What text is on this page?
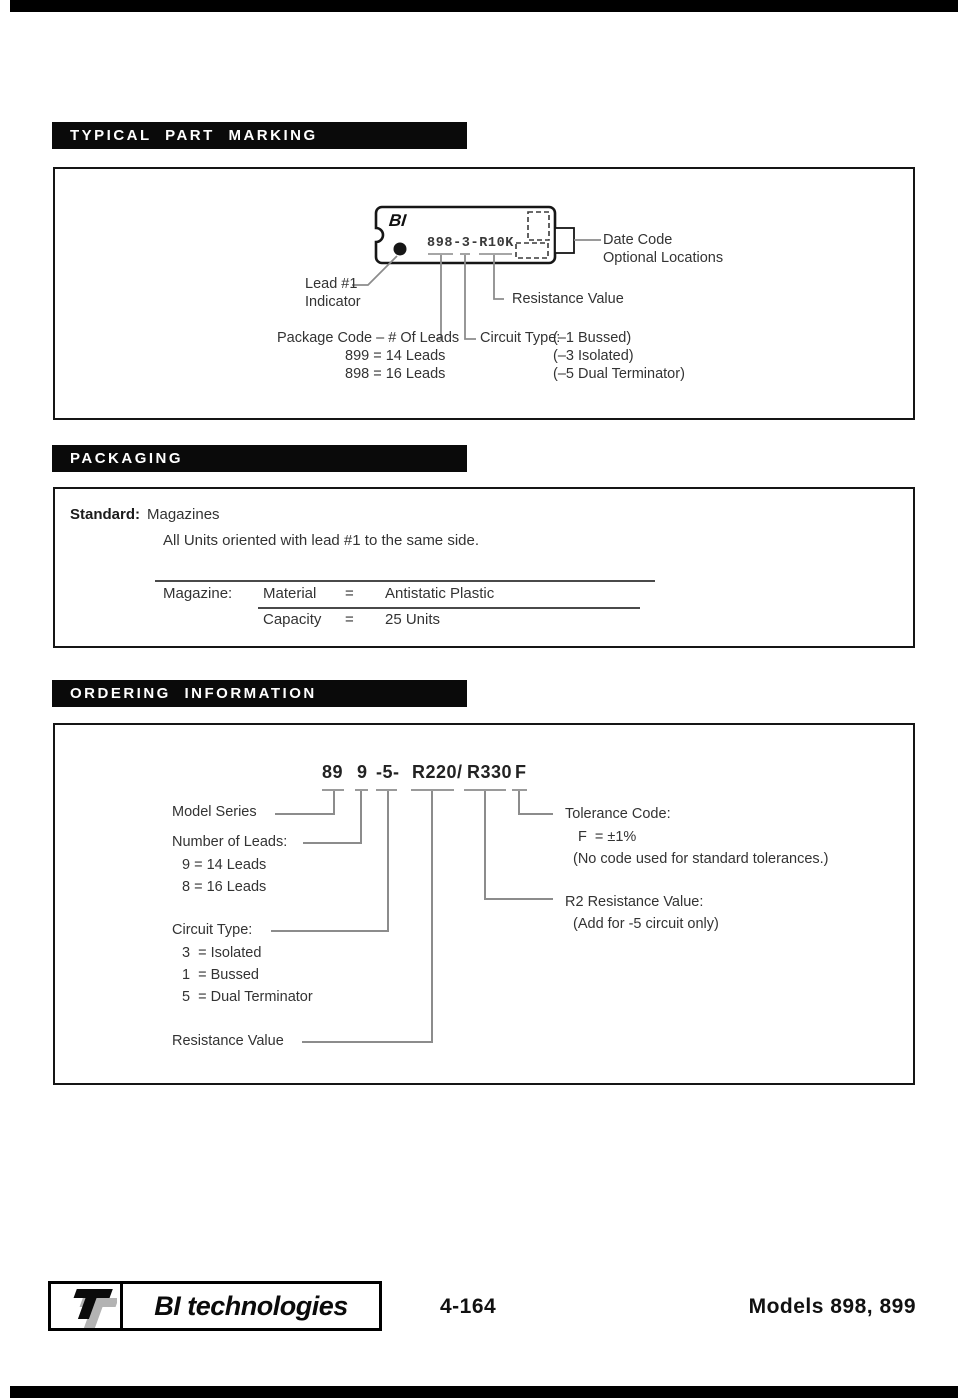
TYPICAL PART MARKING
BI
898-3-R10K
Lead #1
Indicator
Date Code
Optional Locations
Resistance Value
Package Code – # Of Leads
899 = 14 Leads
898 = 16 Leads
Circuit Type:
(–1 Bussed)
(–3 Isolated)
(–5 Dual Terminator)
PACKAGING
Standard: Magazines
All Units oriented with lead #1 to the same side.
Magazine: Material = Antistatic Plastic
Capacity = 25 Units
ORDERING INFORMATION
89 9 -5- R220 / R330 F
Model Series
Number of Leads:
9 = 14 Leads
8 = 16 Leads
Circuit Type:
3  = Isolated
1  = Bussed
5  = Dual Terminator
Resistance Value
Tolerance Code:
F  = ±1%
(No code used for standard tolerances.)
R2 Resistance Value:
(Add for -5 circuit only)
BI technologies	4-164	Models 898, 899
